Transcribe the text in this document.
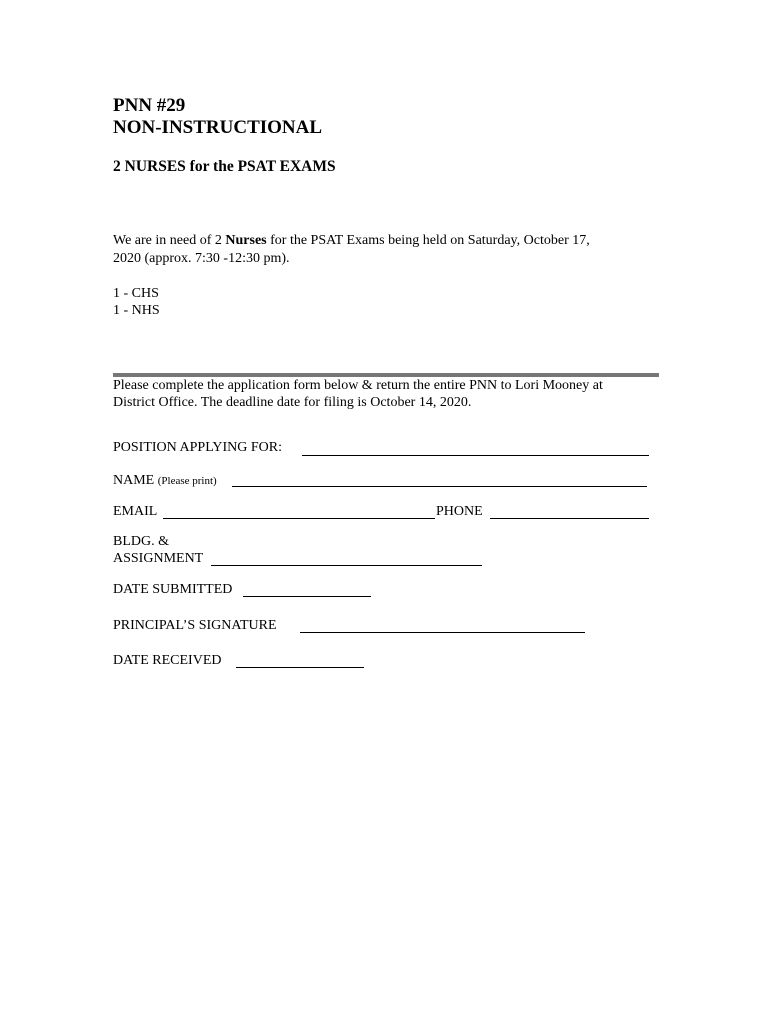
PNN #29
NON-INSTRUCTIONAL
2 NURSES for the PSAT EXAMS
We are in need of 2 Nurses for the PSAT Exams being held on Saturday, October 17,
2020 (approx. 7:30 -12:30 pm).
1 - CHS
1 - NHS
Please complete the application form below & return the entire PNN to Lori Mooney at
District Office. The deadline date for filing is October 14, 2020.
POSITION APPLYING FOR:
NAME (Please print)
EMAIL	PHONE
BLDG. &
ASSIGNMENT
DATE SUBMITTED
PRINCIPAL’S SIGNATURE
DATE RECEIVED
